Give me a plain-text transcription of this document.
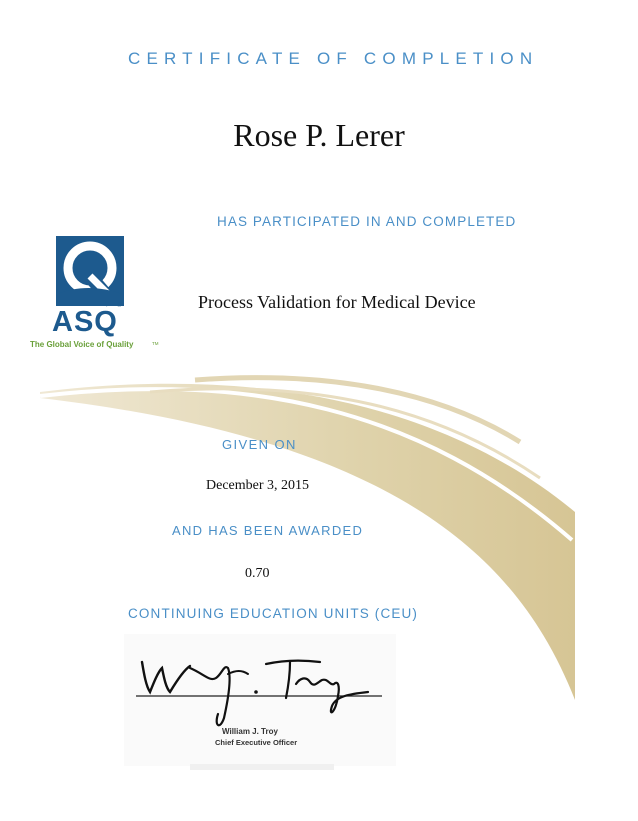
CERTIFICATE OF COMPLETION
Rose P. Lerer
HAS PARTICIPATED IN AND COMPLETED
ASQ ®
The Global Voice of Quality	TM
Process Validation for Medical Device
GIVEN ON
December 3, 2015
AND HAS BEEN AWARDED
0.70
CONTINUING EDUCATION UNITS (CEU)
William J. Troy
Chief Executive Officer
